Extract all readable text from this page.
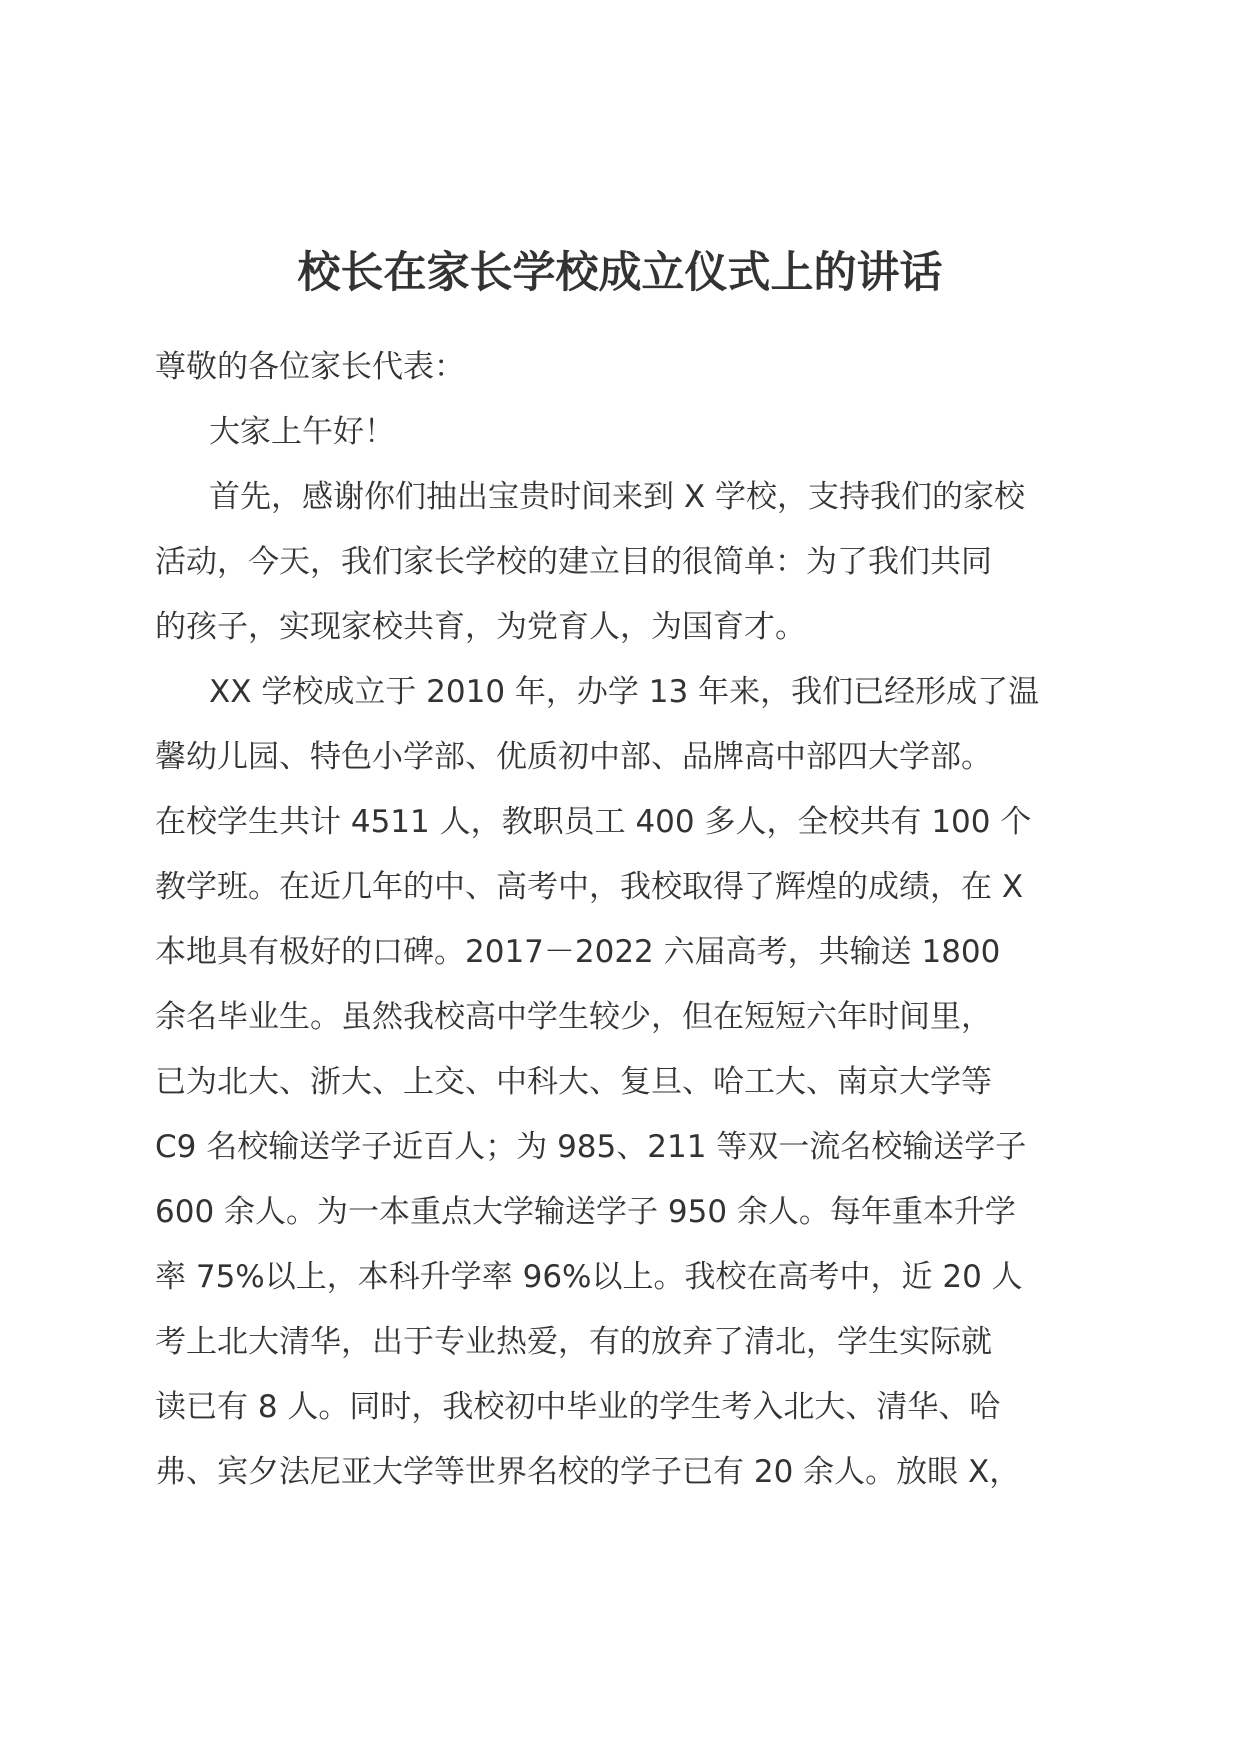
校长在家长学校成立仪式上的讲话
尊敬的各位家长代表：
大家上午好！
首先，感谢你们抽出宝贵时间来到 X 学校，支持我们的家校
活动，今天，我们家长学校的建立目的很简单：为了我们共同
的孩子，实现家校共育，为党育人，为国育才。
XX 学校成立于 2010 年，办学 13 年来，我们已经形成了温
馨幼儿园、特色小学部、优质初中部、品牌高中部四大学部。
在校学生共计 4511 人，教职员工 400 多人，全校共有 100 个
教学班。在近几年的中、高考中，我校取得了辉煌的成绩，在 X
本地具有极好的口碑。2017－2022 六届高考，共输送 1800
余名毕业生。虽然我校高中学生较少，但在短短六年时间里，
已为北大、浙大、上交、中科大、复旦、哈工大、南京大学等
C9 名校输送学子近百人；为 985、211 等双一流名校输送学子
600 余人。为一本重点大学输送学子 950 余人。每年重本升学
率 75%以上，本科升学率 96%以上。我校在高考中，近 20 人
考上北大清华，出于专业热爱，有的放弃了清北，学生实际就
读已有 8 人。同时，我校初中毕业的学生考入北大、清华、哈
弗、宾夕法尼亚大学等世界名校的学子已有 20 余人。放眼 X，
